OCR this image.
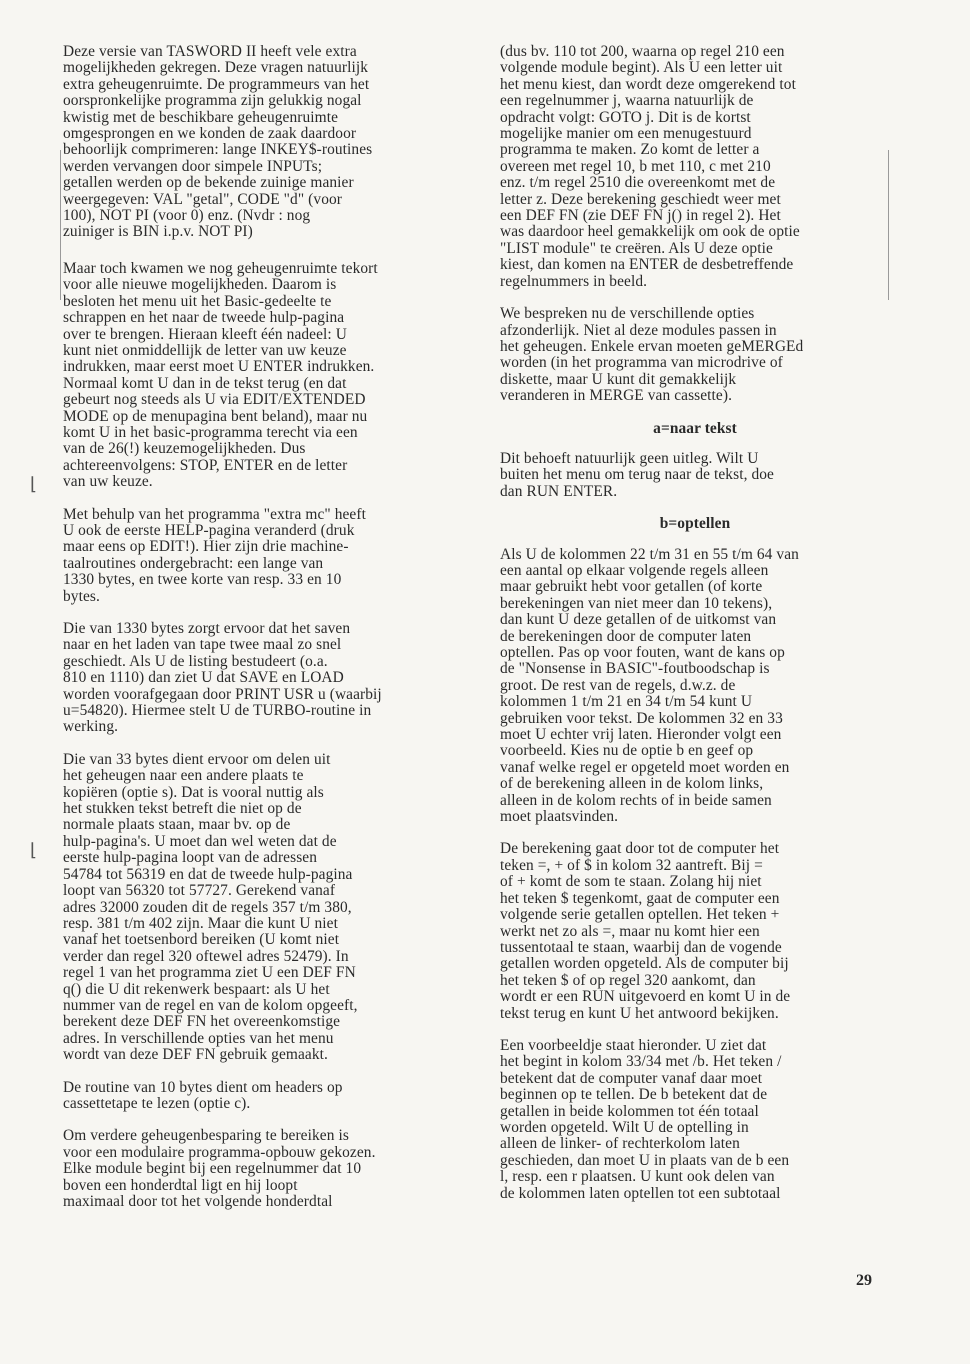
Deze versie van TASWORD II heeft vele extra
mogelijkheden gekregen. Deze vragen natuurlijk
extra geheugenruimte. De programmeurs van het
oorspronkelijke programma zijn gelukkig nogal
kwistig met de beschikbare geheugenruimte
omgesprongen en we konden de zaak daardoor
behoorlijk comprimeren: lange INKEY$-routines
werden vervangen door simpele INPUTs;
getallen werden op de bekende zuinige manier
weergegeven: VAL "getal", CODE "d" (voor
100), NOT PI (voor 0) enz. (Nvdr : nog
zuiniger is BIN i.p.v. NOT PI)

Maar toch kwamen we nog geheugenruimte tekort
voor alle nieuwe mogelijkheden. Daarom is
besloten het menu uit het Basic-gedeelte te
schrappen en het naar de tweede hulp-pagina
over te brengen. Hieraan kleeft één nadeel: U
kunt niet onmiddellijk de letter van uw keuze
indrukken, maar eerst moet U ENTER indrukken.
Normaal komt U dan in de tekst terug (en dat
gebeurt nog steeds als U via EDIT/EXTENDED
MODE op de menupagina bent beland), maar nu
komt U in het basic-programma terecht via een
van de 26(!) keuzemogelijkheden. Dus
achtereenvolgens: STOP, ENTER en de letter
van uw keuze.

Met behulp van het programma "extra mc" heeft
U ook de eerste HELP-pagina veranderd (druk
maar eens op EDIT!). Hier zijn drie machine-
taalroutines ondergebracht: een lange van
1330 bytes, en twee korte van resp. 33 en 10
bytes.

Die van 1330 bytes zorgt ervoor dat het saven
naar en het laden van tape twee maal zo snel
geschiedt. Als U de listing bestudeert (o.a.
810 en 1110) dan ziet U dat SAVE en LOAD
worden voorafgegaan door PRINT USR u (waarbij
u=54820). Hiermee stelt U de TURBO-routine in
werking.

Die van 33 bytes dient ervoor om delen uit
het geheugen naar een andere plaats te
kopiëren (optie s). Dat is vooral nuttig als
het stukken tekst betreft die niet op de
normale plaats staan, maar bv. op de
hulp-pagina's. U moet dan wel weten dat de
eerste hulp-pagina loopt van de adressen
54784 tot 56319 en dat de tweede hulp-pagina
loopt van 56320 tot 57727. Gerekend vanaf
adres 32000 zouden dit de regels 357 t/m 380,
resp. 381 t/m 402 zijn. Maar die kunt U niet
vanaf het toetsenbord bereiken (U komt niet
verder dan regel 320 oftewel adres 52479). In
regel 1 van het programma ziet U een DEF FN
q() die U dit rekenwerk bespaart: als U het
nummer van de regel en van de kolom opgeeft,
berekent deze DEF FN het overeenkomstige
adres. In verschillende opties van het menu
wordt van deze DEF FN gebruik gemaakt.

De routine van 10 bytes dient om headers op
cassettetape te lezen (optie c).

Om verdere geheugenbesparing te bereiken is
voor een modulaire programma-opbouw gekozen.
Elke module begint bij een regelnummer dat 10
boven een honderdtal ligt en hij loopt
maximaal door tot het volgende honderdtal

(dus bv. 110 tot 200, waarna op regel 210 een
volgende module begint). Als U een letter uit
het menu kiest, dan wordt deze omgerekend tot
een regelnummer j, waarna natuurlijk de
opdracht volgt: GOTO j. Dit is de kortst
mogelijke manier om een menugestuurd
programma te maken. Zo komt de letter a
overeen met regel 10, b met 110, c met 210
enz. t/m regel 2510 die overeenkomt met de
letter z. Deze berekening geschiedt weer met
een DEF FN (zie DEF FN j() in regel 2). Het
was daardoor heel gemakkelijk om ook de optie
"LIST module" te creëren. Als U deze optie
kiest, dan komen na ENTER de desbetreffende
regelnummers in beeld.

We bespreken nu de verschillende opties
afzonderlijk. Niet al deze modules passen in
het geheugen. Enkele ervan moeten geMERGEd
worden (in het programma van microdrive of
diskette, maar U kunt dit gemakkelijk
veranderen in MERGE van cassette).

a=naar tekst

Dit behoeft natuurlijk geen uitleg. Wilt U
buiten het menu om terug naar de tekst, doe
dan RUN ENTER.

b=optellen

Als U de kolommen 22 t/m 31 en 55 t/m 64 van
een aantal op elkaar volgende regels alleen
maar gebruikt hebt voor getallen (of korte
berekeningen van niet meer dan 10 tekens),
dan kunt U deze getallen of de uitkomst van
de berekeningen door de computer laten
optellen. Pas op voor fouten, want de kans op
de "Nonsense in BASIC"-foutboodschap is
groot. De rest van de regels, d.w.z. de
kolommen 1 t/m 21 en 34 t/m 54 kunt U
gebruiken voor tekst. De kolommen 32 en 33
moet U echter vrij laten. Hieronder volgt een
voorbeeld. Kies nu de optie b en geef op
vanaf welke regel er opgeteld moet worden en
of de berekening alleen in de kolom links,
alleen in de kolom rechts of in beide samen
moet plaatsvinden.

De berekening gaat door tot de computer het
teken =, + of $ in kolom 32 aantreft. Bij =
of + komt de som te staan. Zolang hij niet
het teken $ tegenkomt, gaat de computer een
volgende serie getallen optellen. Het teken +
werkt net zo als =, maar nu komt hier een
tussentotaal te staan, waarbij dan de vogende
getallen worden opgeteld. Als de computer bij
het teken $ of op regel 320 aankomt, dan
wordt er een RUN uitgevoerd en komt U in de
tekst terug en kunt U het antwoord bekijken.

Een voorbeeldje staat hieronder. U ziet dat
het begint in kolom 33/34 met /b. Het teken /
betekent dat de computer vanaf daar moet
beginnen op te tellen. De b betekent dat de
getallen in beide kolommen tot één totaal
worden opgeteld. Wilt U de optelling in
alleen de linker- of rechterkolom laten
geschieden, dan moet U in plaats van de b een
l, resp. een r plaatsen. U kunt ook delen van
de kolommen laten optellen tot een subtotaal

⌊
⌊
29
